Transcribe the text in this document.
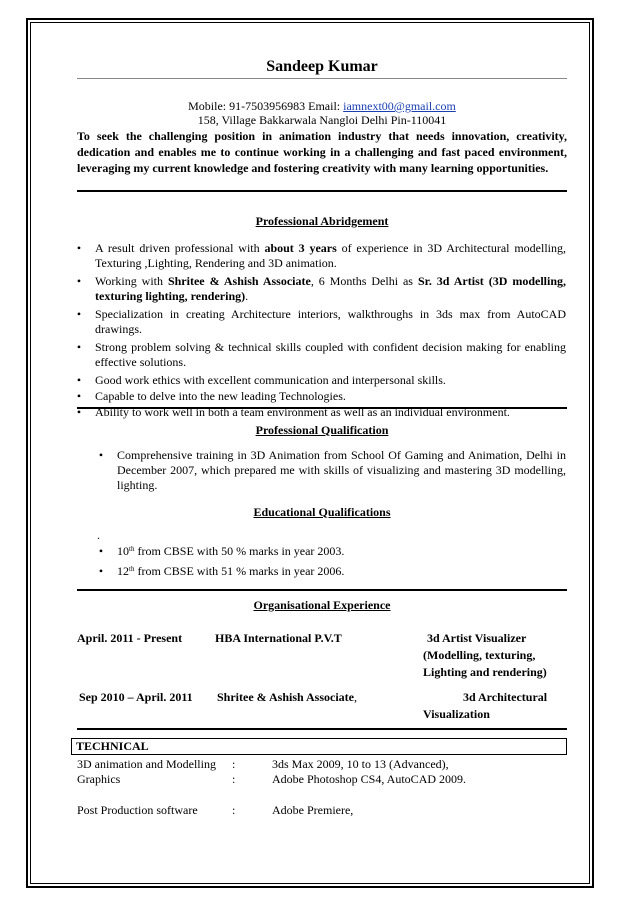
Sandeep Kumar
Mobile: 91-7503956983 Email: iamnext00@gmail.com
158, Village Bakkarwala Nangloi Delhi Pin-110041
To seek the challenging position in animation industry that needs innovation, creativity, dedication and enables me to continue working in a challenging and fast paced environment, leveraging my current knowledge and fostering creativity with many learning opportunities.
Professional Abridgement
• A result driven professional with about 3 years of experience in 3D Architectural modelling, Texturing ,Lighting, Rendering and 3D animation.
• Working with Shritee & Ashish Associate, 6 Months Delhi as Sr. 3d Artist (3D modelling, texturing lighting, rendering).
• Specialization in creating Architecture interiors, walkthroughs in 3ds max from AutoCAD drawings.
• Strong problem solving & technical skills coupled with confident decision making for enabling effective solutions.
• Good work ethics with excellent communication and interpersonal skills.
• Capable to delve into the new leading Technologies.
• Ability to work well in both a team environment as well as an individual environment.
Professional Qualification
• Comprehensive training in 3D Animation from School Of Gaming and Animation, Delhi in December 2007, which prepared me with skills of visualizing and mastering 3D modelling, lighting.
Educational Qualifications
.
• 10th from CBSE with 50 % marks in year 2003.
• 12th from CBSE with 51 % marks in year 2006.
Organisational Experience
April. 2011 - Present	HBA International P.V.T	3d Artist Visualizer
(Modelling, texturing,
Lighting and rendering)
Sep 2010 – April. 2011 Shritee & Ashish Associate,	3d Architectural
Visualization
TECHNICAL
3D animation and Modelling :	3ds Max 2009, 10 to 13 (Advanced),
Graphics	:	Adobe Photoshop CS4, AutoCAD 2009.
Post Production software	:	Adobe Premiere,
